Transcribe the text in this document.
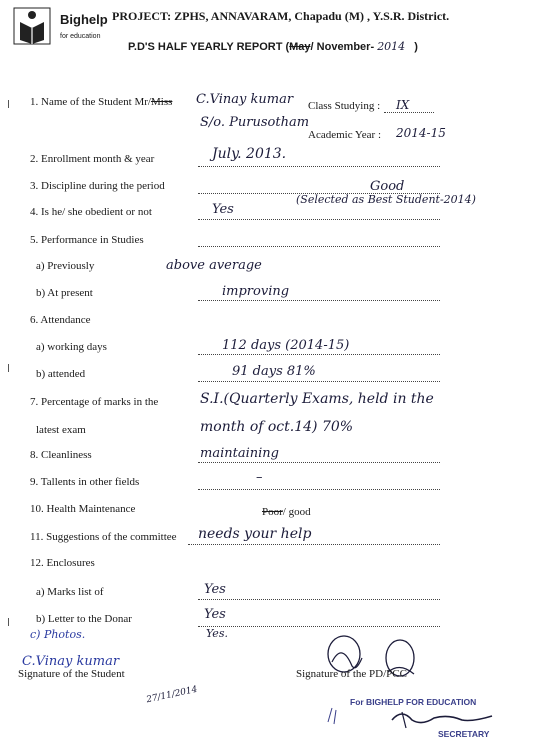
Bighelp
for education
PROJECT: ZPHS, ANNAVARAM, Chapadu (M) , Y.S.R. District.
P.D'S HALF YEARLY REPORT (May/ November- 2014 )
1. Name of the Student Mr/Miss C.Vinay kumar
S/o. Purusotham
Class Studying : IX
Academic Year : 2014-15
2. Enrollment month & year	July. 2013.
3. Discipline during the period	Good
(Selected as Best Student-2014)
4. Is he/ she obedient or not	Yes
5. Performance in Studies
a) Previously	above average
b) At present	improving
6. Attendance
a) working days	112 days (2014-15)
b) attended	91 days 81%
7. Percentage of marks in the	S.I.(Quarterly Exams, held in the
latest exam	month of oct.14) 70%
8. Cleanliness	maintaining
9. Tallents in other fields	–
10. Health Maintenance	Poor/ good
11. Suggestions of the committee needs your help
12. Enclosures
a) Marks list of	Yes
b) Letter to the Donar	Yes
c) Photos.	Yes.
C.Vinay kumar
Signature of the Student	Signature of the PD/PCC
27/11/2014	For BIGHELP FOR EDUCATION
SECRETARY
